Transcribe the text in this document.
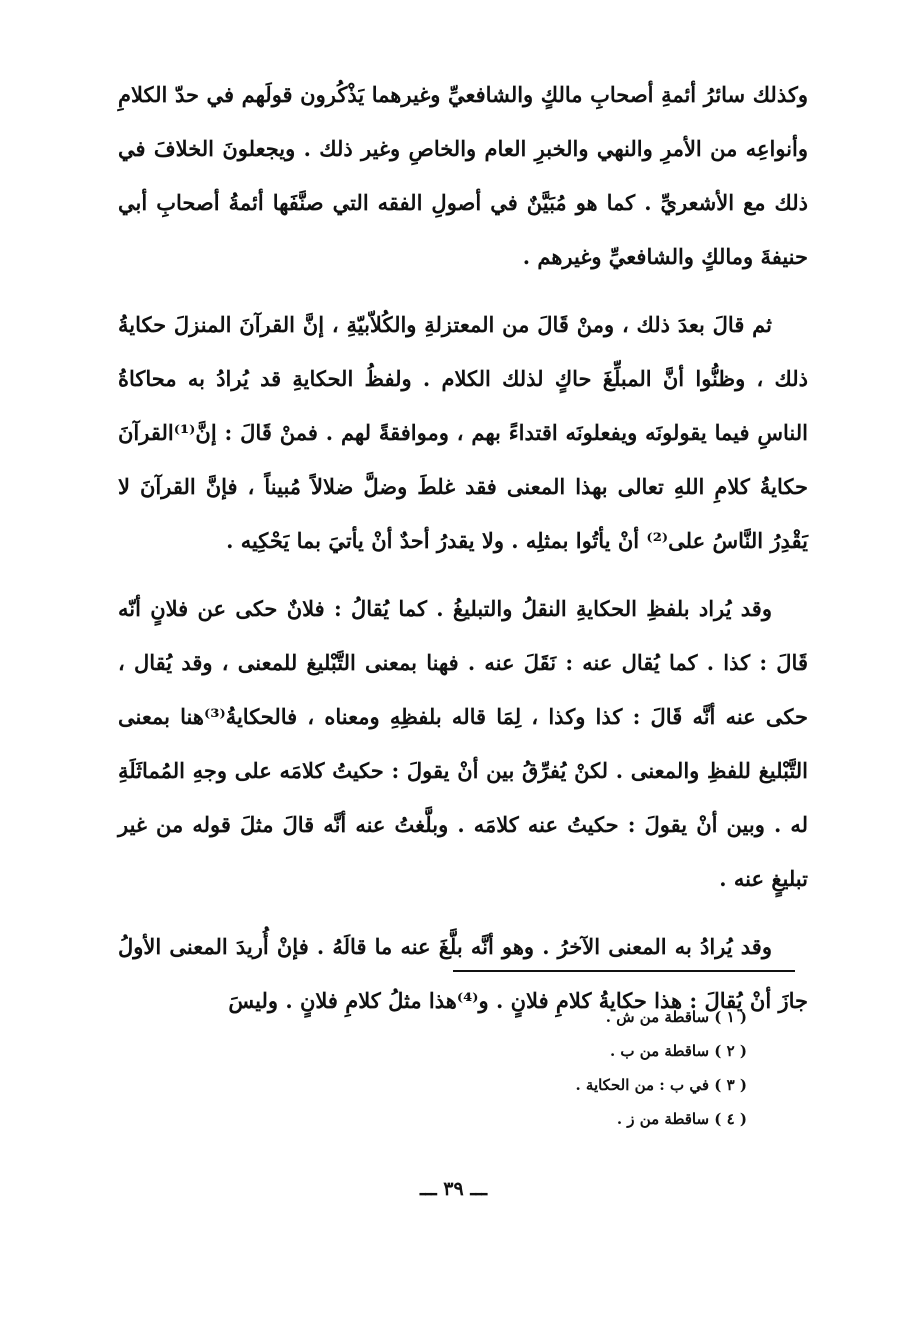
وكذلك سائرُ أئمةِ أصحابِ مالكٍ والشافعيِّ وغيرهما يَذْكُرون قولَهم في حدّ الكلامِ وأنواعِه من الأمرِ والنهي والخبرِ العام والخاصِ وغير ذلك . ويجعلونَ الخلافَ في ذلك مع الأشعريِّ . كما هو مُبَيَّنٌ في أصولِ الفقه التي صنَّفَها أئمةُ أصحابِ أبي حنيفةَ ومالكٍ والشافعيِّ وغيرهم .

ثم قالَ بعدَ ذلك ، ومنْ قَالَ من المعتزلةِ والكُلاّبيّةِ ، إنَّ القرآنَ المنزلَ حكايةُ ذلك ، وظنُّوا أنَّ المبلِّغَ حاكٍ لذلك الكلام . ولفظُ الحكايةِ قد يُرادُ به محاكاةُ الناسِ فيما يقولونَه ويفعلونَه اقتداءً بهم ، وموافقةً لهم . فمنْ قَالَ : إنَّ⁽¹⁾القرآنَ حكايةُ كلامِ اللهِ تعالى بهذا المعنى فقد غلطَ وضلَّ ضلالاً مُبيناً ، فإنَّ القرآنَ لا يَقْدِرُ النَّاسُ على⁽²⁾ أنْ يأتُوا بمثلِه . ولا يقدرُ أحدٌ أنْ يأتيَ بما يَحْكِيه .

وقد يُراد بلفظِ الحكايةِ النقلُ والتبليغُ . كما يُقالُ : فلانٌ حكى عن فلانٍ أنّه قَالَ : كذا . كما يُقال عنه : نَقَلَ عنه . فهنا بمعنى التَّبْليغ للمعنى ، وقد يُقال ، حكى عنه أنَّه قَالَ : كذا وكذا ، لِمَا قاله بلفظِهِ ومعناه ، فالحكايةُ⁽³⁾هنا بمعنى التَّبْليغ للفظِ والمعنى . لكنْ يُفرِّقُ بين أنْ يقولَ : حكيتُ كلامَه على وجهِ المُماثَلَةِ له . وبين أنْ يقولَ : حكيتُ عنه كلامَه . وبلَّغتُ عنه أنَّه قالَ مثلَ قوله من غير تبليغٍ عنه .

وقد يُرادُ به المعنى الآخرُ . وهو أنَّه بلَّغَ عنه ما قالَهُ . فإنْ أُريدَ المعنى الأولُ جازَ أنْ يُقالَ : هذا حكايةُ كلامِ فلانٍ . و⁽⁴⁾هذا مثلُ كلامِ فلانٍ . وليسَ

( ١ ) ساقطة من ش .
( ٢ ) ساقطة من ب .
( ٣ ) في ب : من الحكاية .
( ٤ ) ساقطة من ز .
ـــ ٣٩ ـــ
